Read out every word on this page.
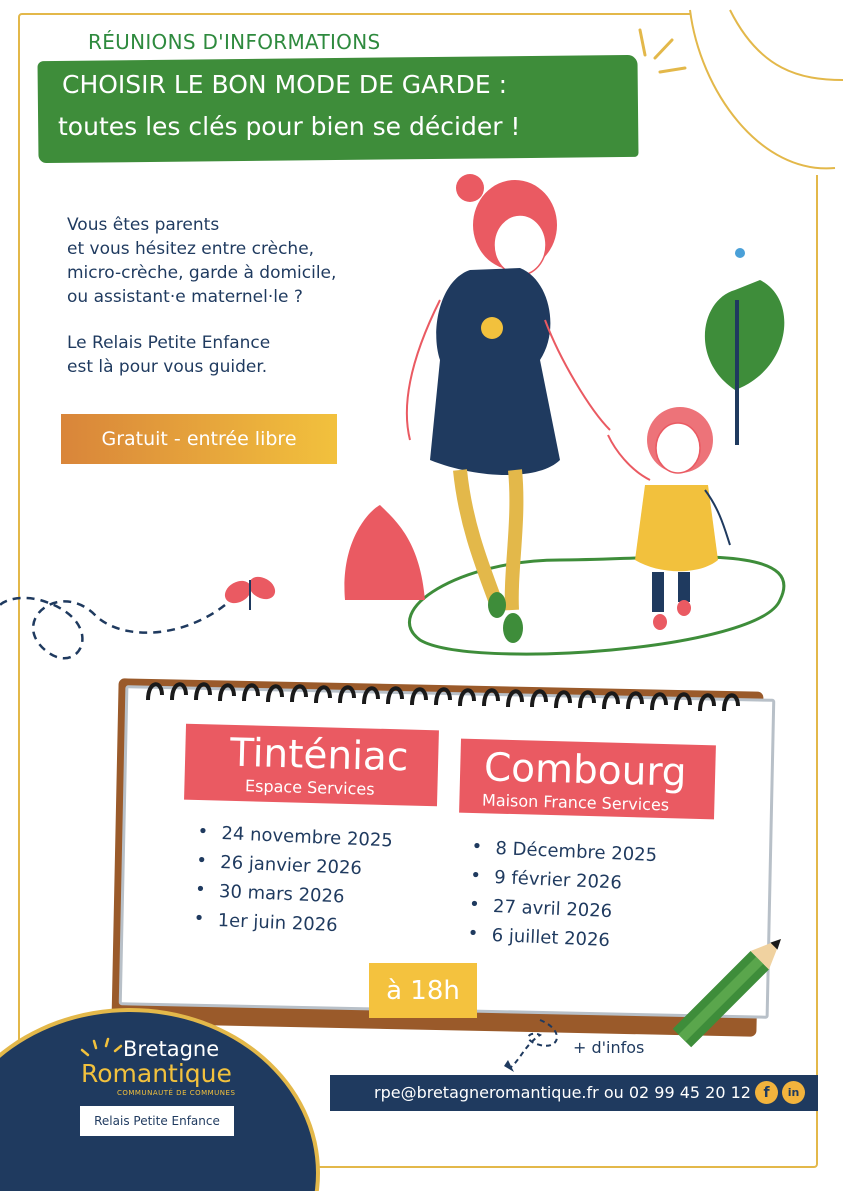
RÉUNIONS D'INFORMATIONS
CHOISIR LE BON MODE DE GARDE :
toutes les clés pour bien se décider !
Vous êtes parents
et vous hésitez entre crèche,
micro-crèche, garde à domicile,
ou assistant·e maternel·le ?
Le Relais Petite Enfance
est là pour vous guider.
Gratuit - entrée libre
Tinténiac
Espace Services
• 24 novembre 2025
• 26 janvier 2026
• 30 mars 2026
• 1er juin 2026
Combourg
Maison France Services
• 8 Décembre 2025
• 9 février 2026
• 27 avril 2026
• 6 juillet 2026
à 18h
+ d'infos
rpe@bretagneromantique.fr ou 02 99 45 20 12 f	in
Bretagne
Romantique
COMMUNAUTÉ DE COMMUNES
Relais Petite Enfance
